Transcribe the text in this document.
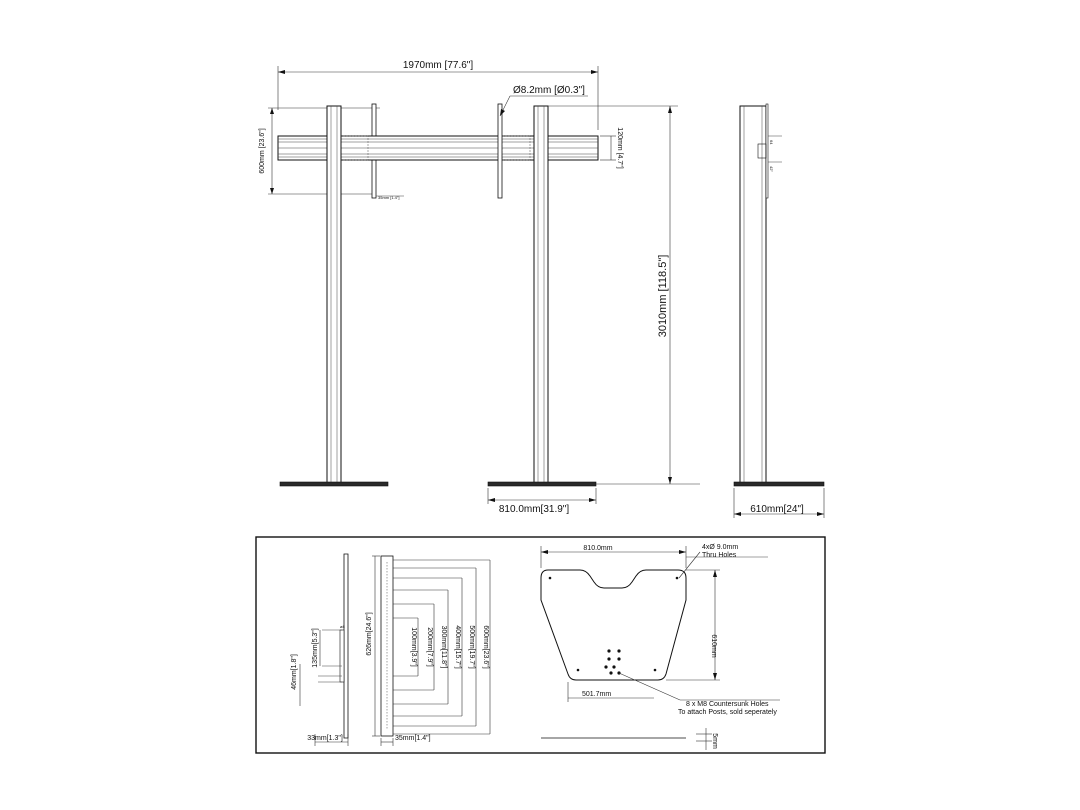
1970mm [77.6"]
600mm [23.6"]
35mm [1.4"]
120mm [4.7"]
Ø8.2mm [Ø0.3"]
3010mm [118.5"]
810.0mm[31.9"]
64
42"
610mm[24"]
135mm[5.3"]
46mm[1.8"]
ø8
33mm[1.3"]
626mm[24.6"]
35mm[1.4"]
100mm[3.9"] 200mm[7.9"] 300mm[11.8"] 400mm[15.7"] 500mm[19.7"] 600mm[23.6"]
810.0mm	4xØ 9.0mm
Thru Holes
610mm
501.7mm
8 x M8 Countersunk Holes
To attach Posts, sold seperately
5mm
